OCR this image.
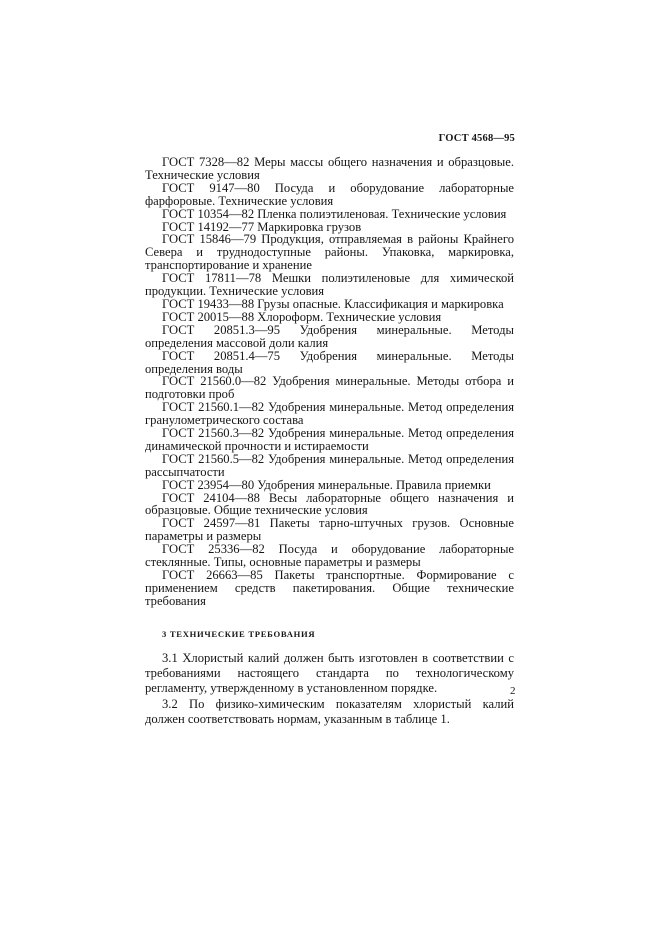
ГОСТ 4568—95

ГОСТ 7328—82 Меры массы общего назначения и образцовые. Технические условия

ГОСТ 9147—80 Посуда и оборудование лабораторные фарфоровые. Технические условия

ГОСТ 10354—82 Пленка полиэтиленовая. Технические условия

ГОСТ 14192—77 Маркировка грузов

ГОСТ 15846—79 Продукция, отправляемая в районы Крайнего Севера и труднодоступные районы. Упаковка, маркировка, транспортирование и хранение

ГОСТ 17811—78 Мешки полиэтиленовые для химической продукции. Технические условия

ГОСТ 19433—88 Грузы опасные. Классификация и маркировка

ГОСТ 20015—88 Хлороформ. Технические условия

ГОСТ 20851.3—95 Удобрения минеральные. Методы определения массовой доли калия

ГОСТ 20851.4—75 Удобрения минеральные. Методы определения воды

ГОСТ 21560.0—82 Удобрения минеральные. Методы отбора и подготовки проб

ГОСТ 21560.1—82 Удобрения минеральные. Метод определения гранулометрического состава

ГОСТ 21560.3—82 Удобрения минеральные. Метод определения динамической прочности и истираемости

ГОСТ 21560.5—82 Удобрения минеральные. Метод определения рассыпчатости

ГОСТ 23954—80 Удобрения минеральные. Правила приемки

ГОСТ 24104—88 Весы лабораторные общего назначения и образцовые. Общие технические условия

ГОСТ 24597—81 Пакеты тарно-штучных грузов. Основные параметры и размеры

ГОСТ 25336—82 Посуда и оборудование лабораторные стеклянные. Типы, основные параметры и размеры

ГОСТ 26663—85 Пакеты транспортные. Формирование с применением средств пакетирования. Общие технические требования

3 ТЕХНИЧЕСКИЕ ТРЕБОВАНИЯ

3.1 Хлористый калий должен быть изготовлен в соответствии с требованиями настоящего стандарта по технологическому регламенту, утвержденному в установленном порядке.

3.2 По физико-химическим показателям хлористый калий должен соответствовать нормам, указанным в таблице 1.

2
